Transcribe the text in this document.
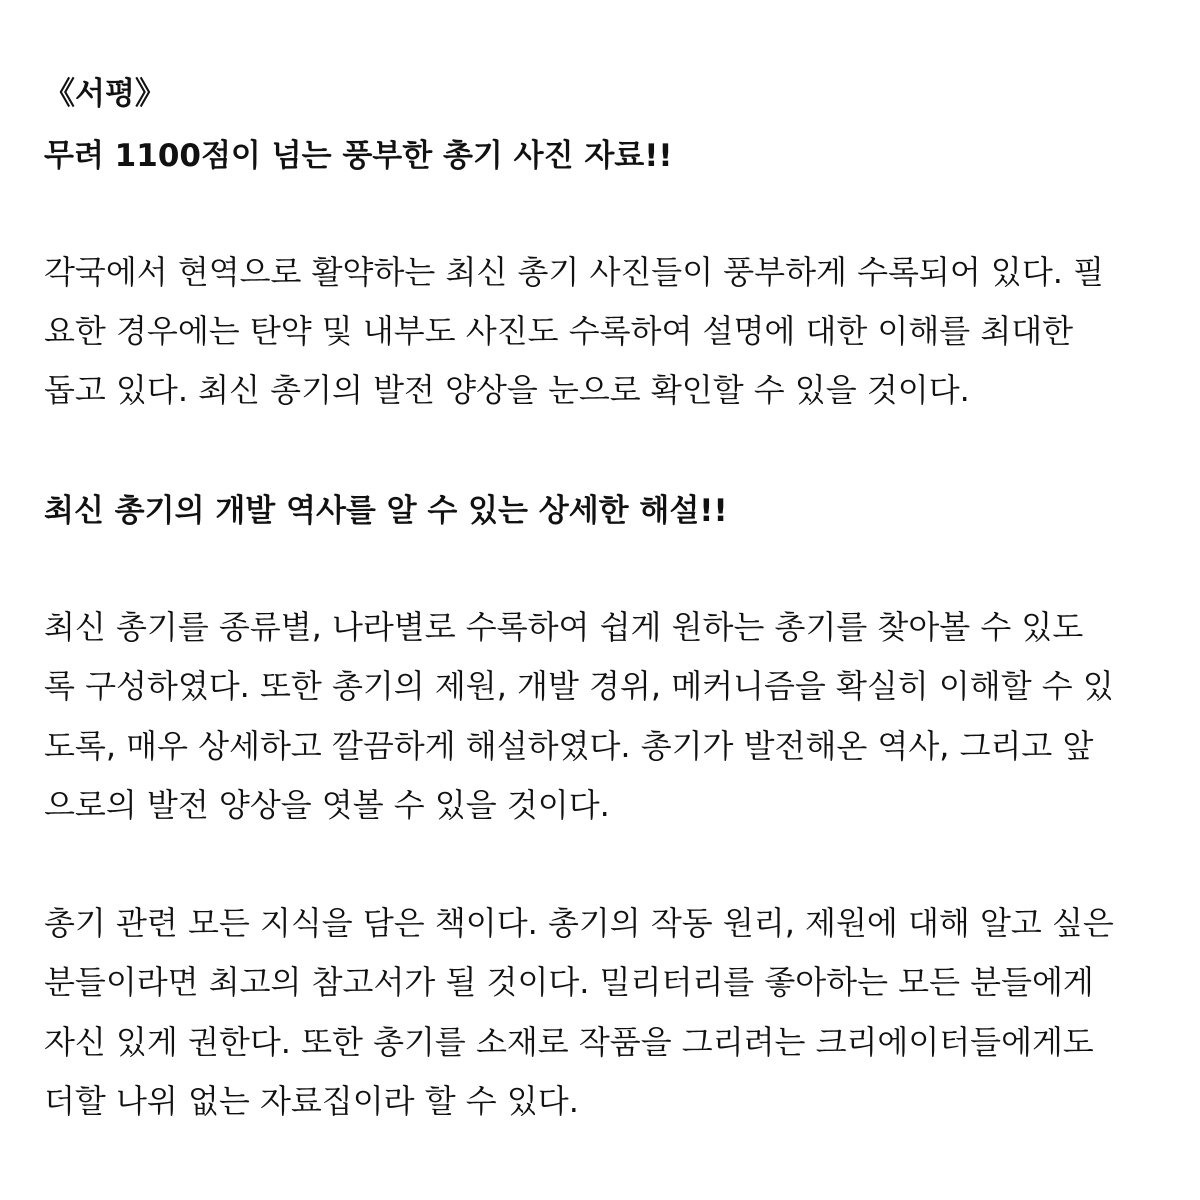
《서평》

무려 1100점이 넘는 풍부한 총기 사진 자료!!

각국에서 현역으로 활약하는 최신 총기 사진들이 풍부하게 수록되어 있다. 필

요한 경우에는 탄약 및 내부도 사진도 수록하여 설명에 대한 이해를 최대한

돕고 있다. 최신 총기의 발전 양상을 눈으로 확인할 수 있을 것이다.

최신 총기의 개발 역사를 알 수 있는 상세한 해설!!

최신 총기를 종류별, 나라별로 수록하여 쉽게 원하는 총기를 찾아볼 수 있도

록 구성하였다. 또한 총기의 제원, 개발 경위, 메커니즘을 확실히 이해할 수 있

도록, 매우 상세하고 깔끔하게 해설하였다. 총기가 발전해온 역사, 그리고 앞

으로의 발전 양상을 엿볼 수 있을 것이다.

총기 관련 모든 지식을 담은 책이다. 총기의 작동 원리, 제원에 대해 알고 싶은

분들이라면 최고의 참고서가 될 것이다. 밀리터리를 좋아하는 모든 분들에게

자신 있게 권한다. 또한 총기를 소재로 작품을 그리려는 크리에이터들에게도

더할 나위 없는 자료집이라 할 수 있다.
